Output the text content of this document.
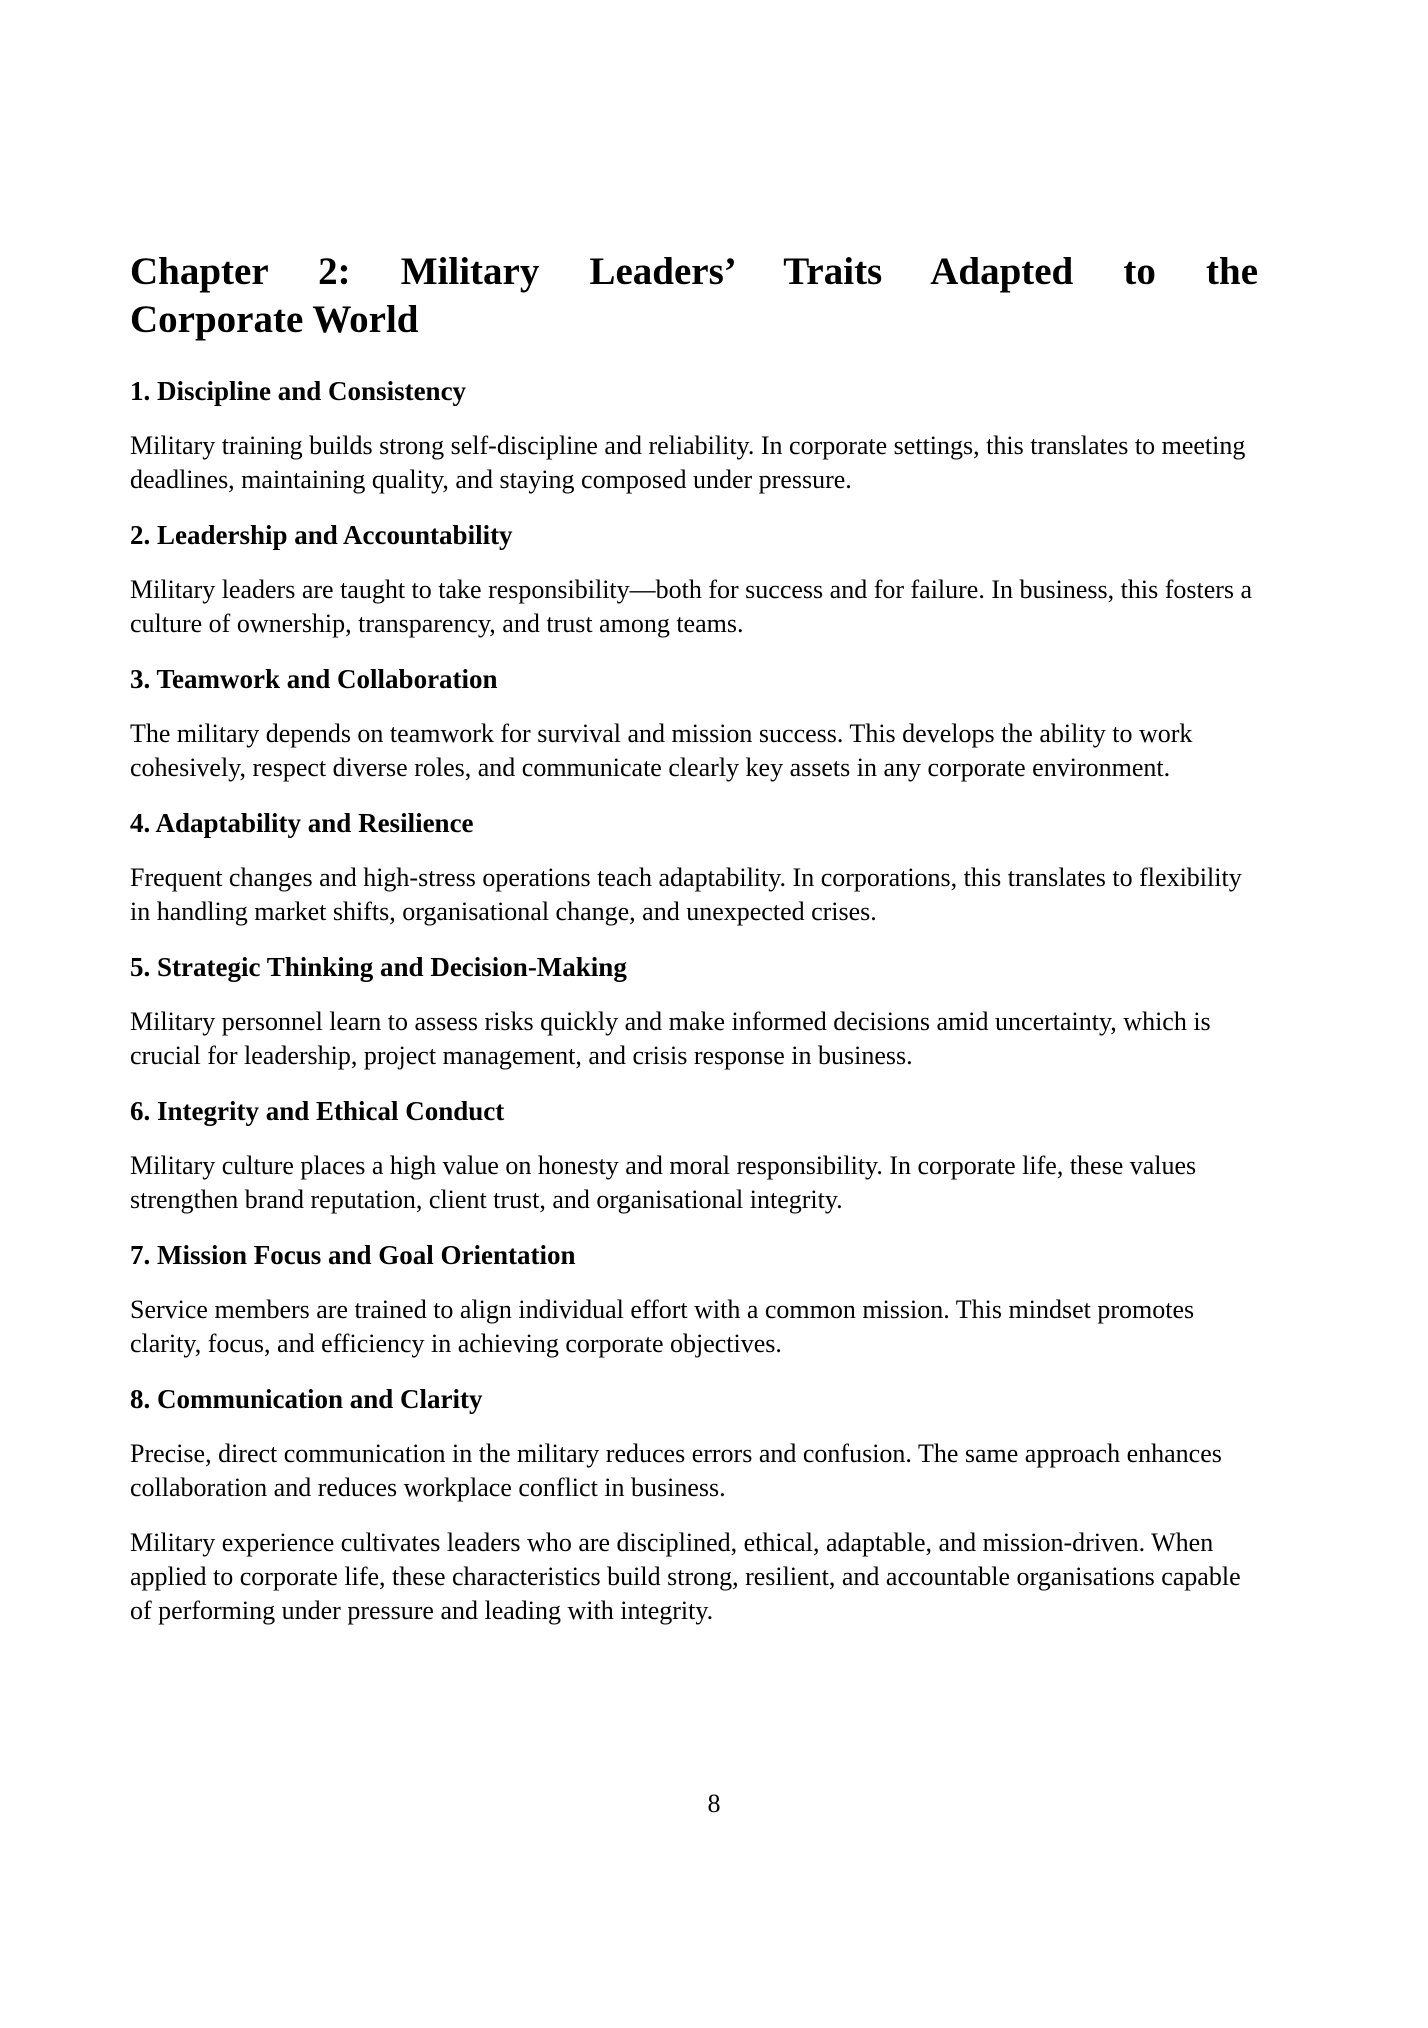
Chapter 2: Military Leaders’ Traits Adapted to the
Corporate World
1. Discipline and Consistency

Military training builds strong self-discipline and reliability. In corporate settings, this translates to meeting deadlines, maintaining quality, and staying composed under pressure.

2. Leadership and Accountability

Military leaders are taught to take responsibility—both for success and for failure. In business, this fosters a culture of ownership, transparency, and trust among teams.

3. Teamwork and Collaboration

The military depends on teamwork for survival and mission success. This develops the ability to work cohesively, respect diverse roles, and communicate clearly key assets in any corporate environment.

4. Adaptability and Resilience

Frequent changes and high-stress operations teach adaptability. In corporations, this translates to flexibility in handling market shifts, organisational change, and unexpected crises.

5. Strategic Thinking and Decision-Making

Military personnel learn to assess risks quickly and make informed decisions amid uncertainty, which is crucial for leadership, project management, and crisis response in business.

6. Integrity and Ethical Conduct

Military culture places a high value on honesty and moral responsibility. In corporate life, these values strengthen brand reputation, client trust, and organisational integrity.

7. Mission Focus and Goal Orientation

Service members are trained to align individual effort with a common mission. This mindset promotes clarity, focus, and efficiency in achieving corporate objectives.

8. Communication and Clarity

Precise, direct communication in the military reduces errors and confusion. The same approach enhances collaboration and reduces workplace conflict in business.

Military experience cultivates leaders who are disciplined, ethical, adaptable, and mission-driven. When applied to corporate life, these characteristics build strong, resilient, and accountable organisations capable of performing under pressure and leading with integrity.

8
